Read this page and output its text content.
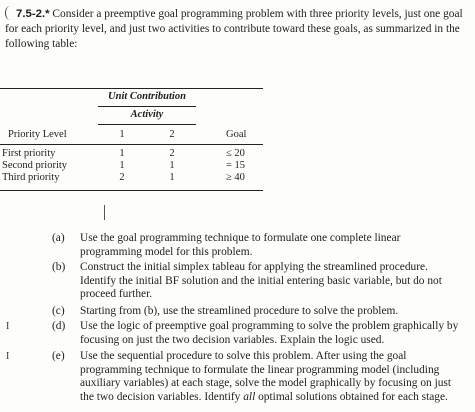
7.5-2.* Consider a preemptive goal programming problem with three priority levels, just one goal for each priority level, and just two activities to contribute toward these goals, as summarized in the following table:
Unit Contribution
Activity
Priority Level	1	2	Goal
First priority	1	2	≤ 20
Second priority	1	1	= 15
Third priority	2	1	≥ 40
(a) Use the goal programming technique to formulate one complete linear programming model for this problem.
(b) Construct the initial simplex tableau for applying the streamlined procedure. Identify the initial BF solution and the initial entering basic variable, but do not proceed further.
(c) Starting from (b), use the streamlined procedure to solve the problem.
I	(d) Use the logic of preemptive goal programming to solve the problem graphically by focusing on just the two decision variables. Explain the logic used.
I	(e) Use the sequential procedure to solve this problem. After using the goal programming technique to formulate the linear programming model (including auxiliary variables) at each stage, solve the model graphically by focusing on just the two decision variables. Identify all optimal solutions obtained for each stage.
